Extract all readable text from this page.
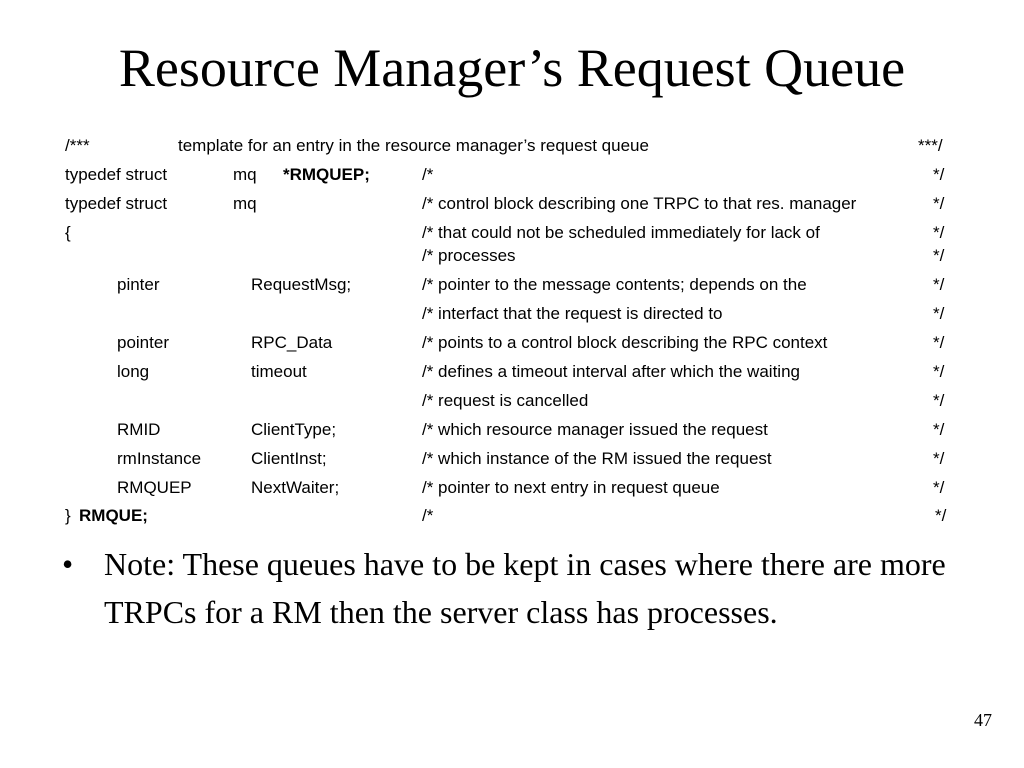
Resource Manager’s Request Queue
/***	template for an entry in the resource manager’s request queue	***/
typedef struct	mq *RMQUEP;	/*	*/
typedef struct	mq	/* control block describing one TRPC to that res. manager	*/
{	/* that could not be scheduled immediately for lack of	*/
/* processes	*/
pinter	RequestMsg;	/* pointer to the message contents; depends on the	*/
/* interfact that the request is directed to	*/
pointer	RPC_Data	/* points to a control block describing the RPC context	*/
long	timeout	/* defines a timeout interval after which the waiting	*/
/* request is cancelled	*/
RMID	ClientType;	/* which resource manager issued the request	*/
rmInstance	ClientInst;	/* which instance of the RM issued the request	*/
RMQUEP	NextWaiter;	/* pointer to next entry in request queue	*/
} RMQUE;	/*	*/
• Note: These queues have to be kept in cases where there are more TRPCs for a RM then the server class has processes.
47
